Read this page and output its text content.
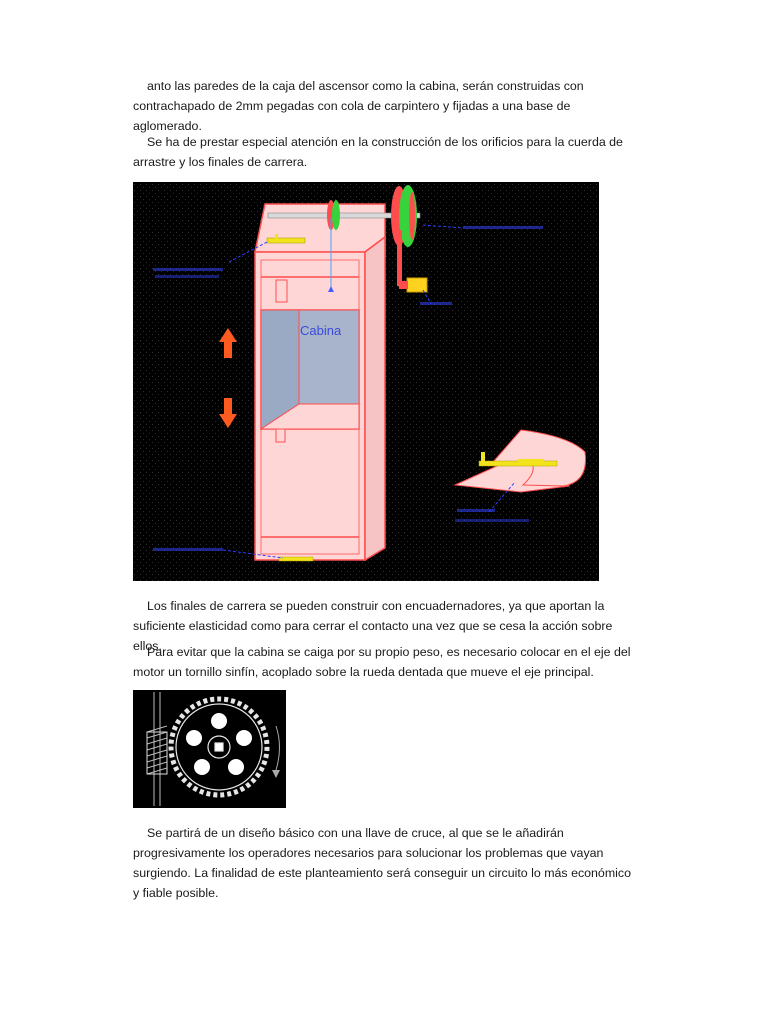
anto las paredes de la caja del ascensor como la cabina, serán construidas con contrachapado de 2mm pegadas con cola de carpintero y fijadas a una base de aglomerado.

Se ha de prestar especial atención en la construcción de los orificios para la cuerda de arrastre y los finales de carrera.

Cabina

Los finales de carrera se pueden construir con encuadernadores, ya que aportan la suficiente elasticidad como para cerrar el contacto una vez que se cesa la acción sobre ellos.

Para evitar que la cabina se caiga por su propio peso, es necesario colocar en el eje del motor un tornillo sinfín, acoplado sobre la rueda dentada que mueve el eje principal.

Se partirá de un diseño básico con una llave de cruce, al que se le añadirán progresivamente los operadores necesarios para solucionar los problemas que vayan surgiendo. La finalidad de este planteamiento será conseguir un circuito lo más económico y fiable posible.
